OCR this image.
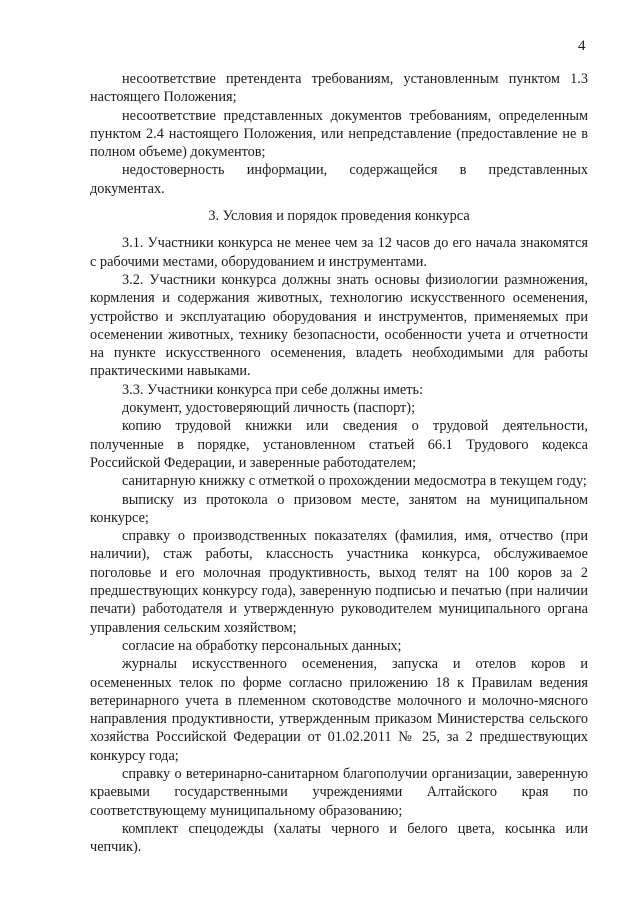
4

несоответствие претендента требованиям, установленным пунктом 1.3 настоящего Положения;

несоответствие представленных документов требованиям, определенным пунктом 2.4 настоящего Положения, или непредставление (предоставление не в полном объеме) документов;

недостоверность информации, содержащейся в представленных документах.

3. Условия и порядок проведения конкурса

3.1. Участники конкурса не менее чем за 12 часов до его начала знакомятся с рабочими местами, оборудованием и инструментами.

3.2. Участники конкурса должны знать основы физиологии размножения, кормления и содержания животных, технологию искусственного осеменения, устройство и эксплуатацию оборудования и инструментов, применяемых при осеменении животных, технику безопасности, особенности учета и отчетности на пункте искусственного осеменения, владеть необходимыми для работы практическими навыками.

3.3. Участники конкурса при себе должны иметь:

документ, удостоверяющий личность (паспорт);

копию трудовой книжки или сведения о трудовой деятельности, полученные в порядке, установленном статьей 66.1 Трудового кодекса Российской Федерации, и заверенные работодателем;

санитарную книжку с отметкой о прохождении медосмотра в текущем году;

выписку из протокола о призовом месте, занятом на муниципальном конкурсе;

справку о производственных показателях (фамилия, имя, отчество (при наличии), стаж работы, классность участника конкурса, обслуживаемое поголовье и его молочная продуктивность, выход телят на 100 коров за 2 предшествующих конкурсу года), заверенную подписью и печатью (при наличии печати) работодателя и утвержденную руководителем муниципального органа управления сельским хозяйством;

согласие на обработку персональных данных;

журналы искусственного осеменения, запуска и отелов коров и осемененных телок по форме согласно приложению 18 к Правилам ведения ветеринарного учета в племенном скотоводстве молочного и молочно-мясного направления продуктивности, утвержденным приказом Министерства сельского хозяйства Российской Федерации от 01.02.2011 № 25, за 2 предшествующих конкурсу года;

справку о ветеринарно-санитарном благополучии организации, заверенную краевыми государственными учреждениями Алтайского края по соответствующему муниципальному образованию;

комплект спецодежды (халаты черного и белого цвета, косынка или чепчик).
